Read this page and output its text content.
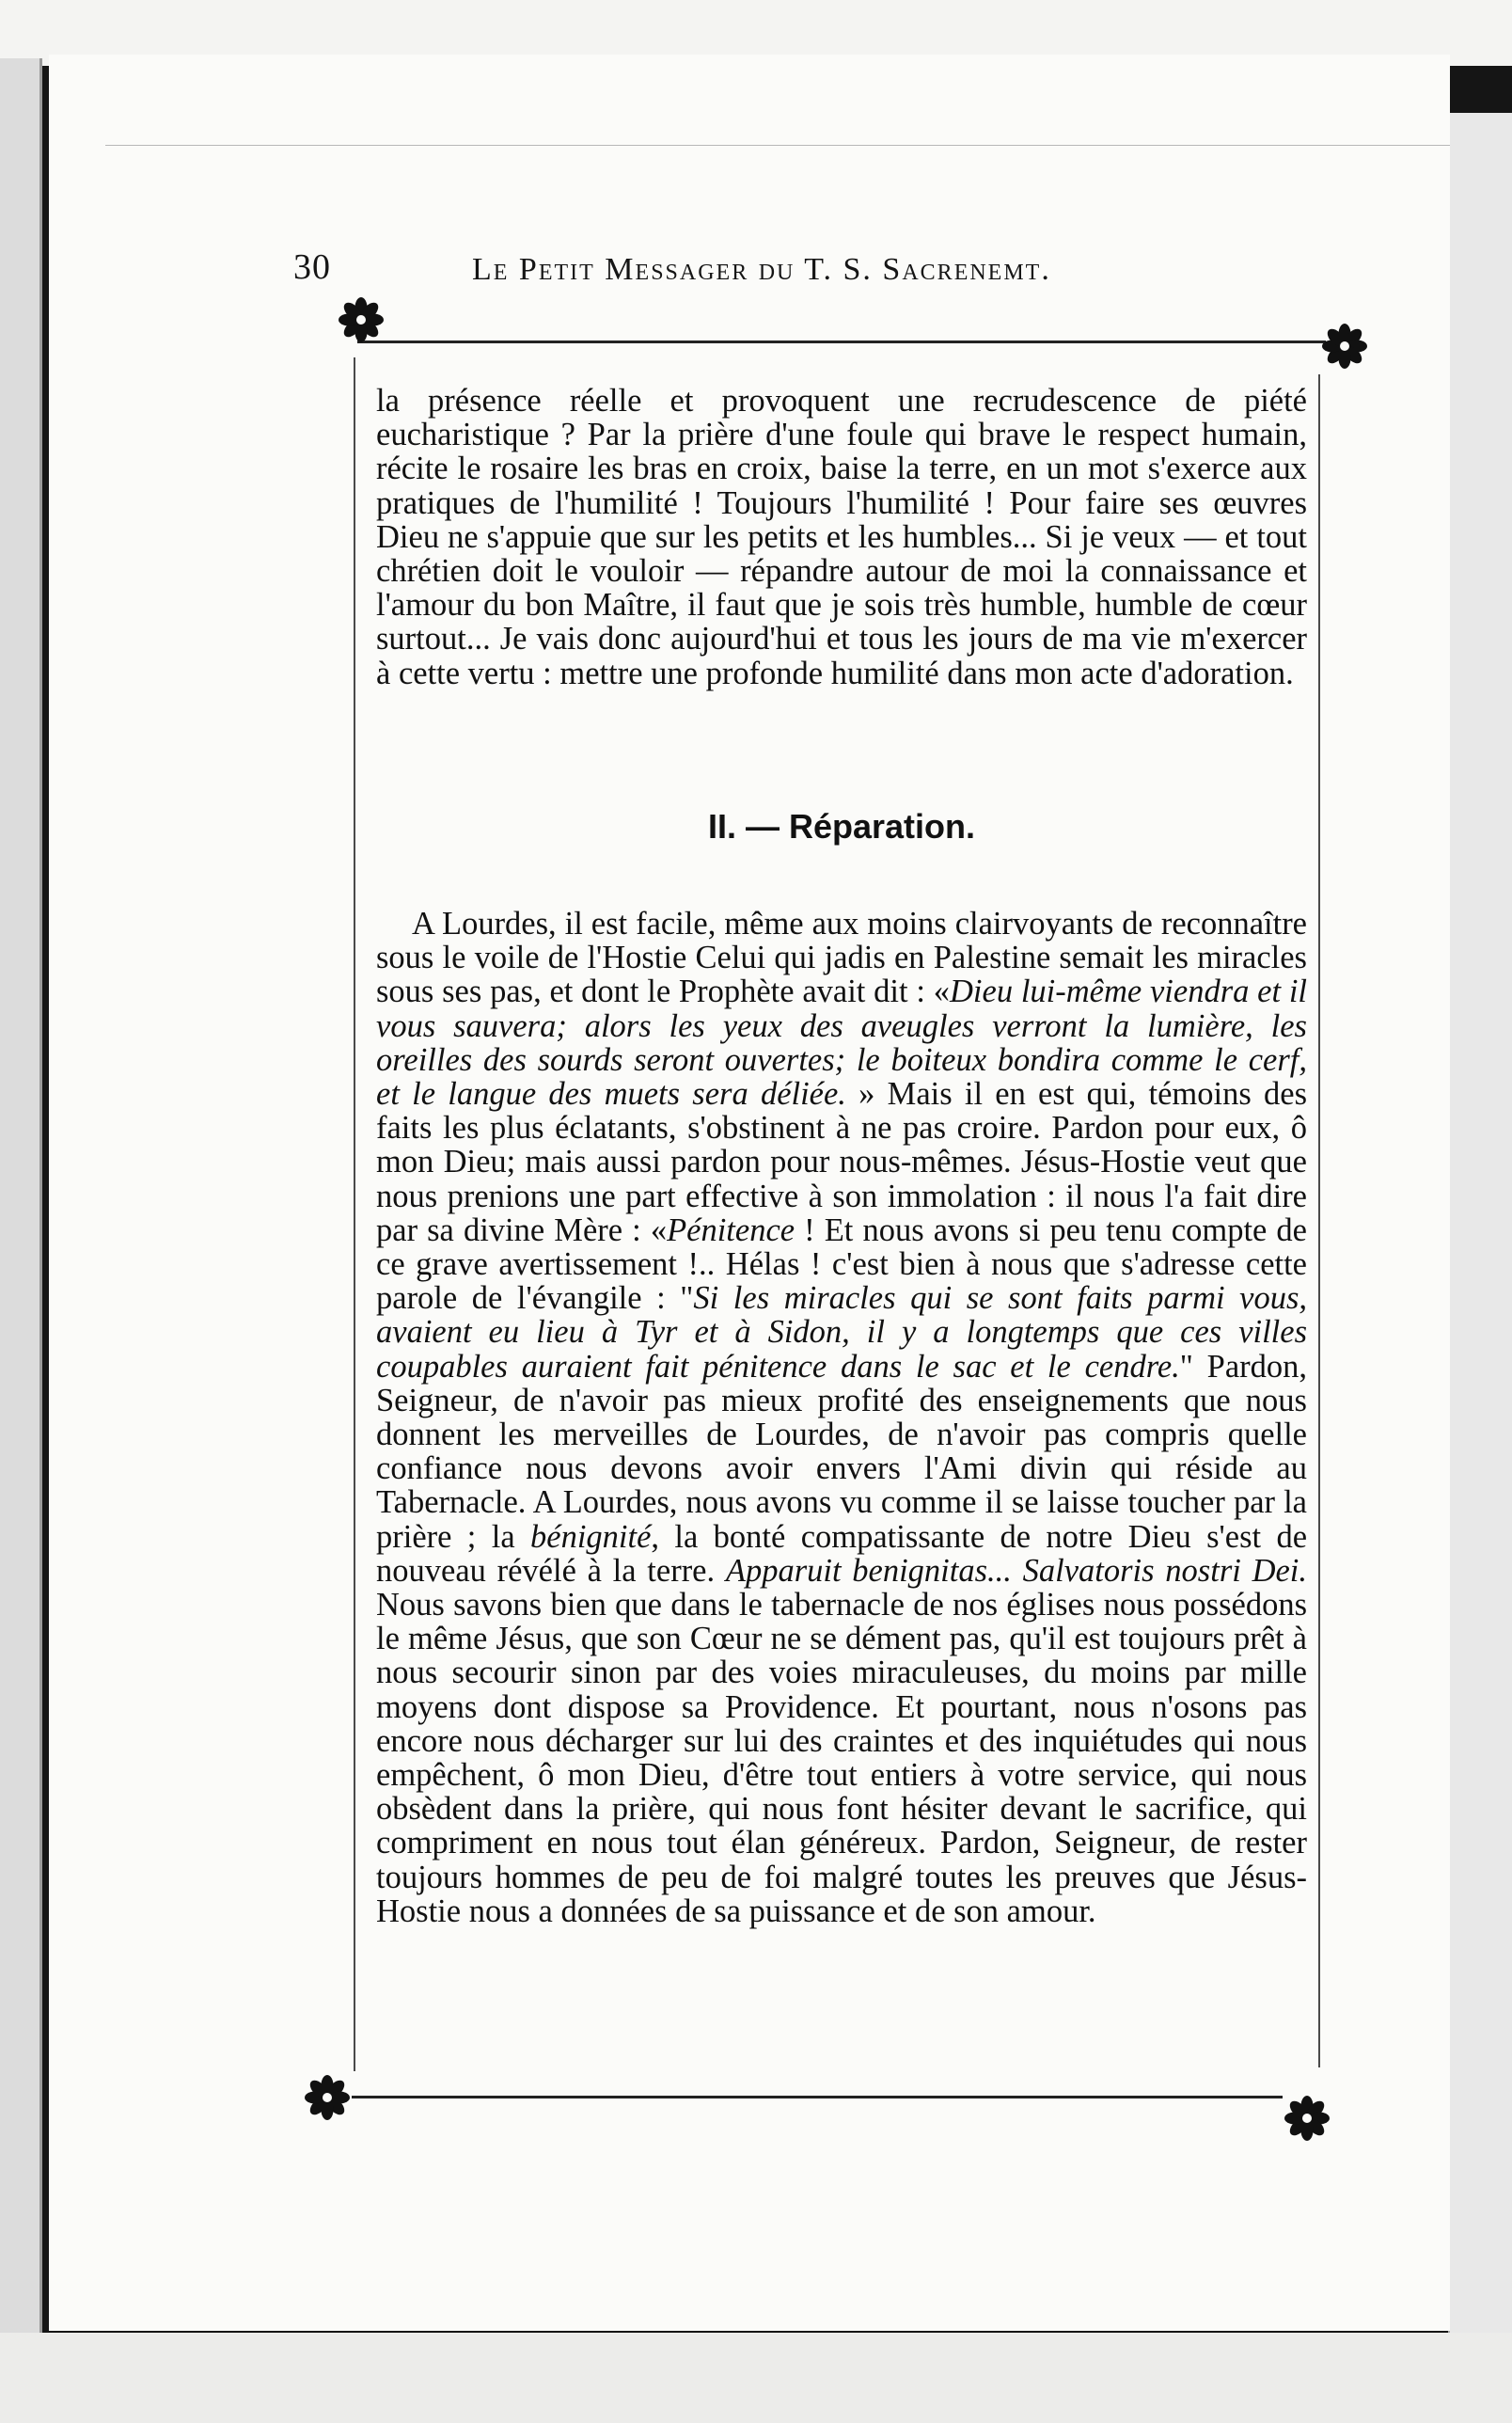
30	Le Petit Messager du T. S. Sacrenemt.

la présence réelle et provoquent une recrudescence de piété eucharistique ? Par la prière d'une foule qui brave le respect humain, récite le rosaire les bras en croix, baise la terre, en un mot s'exerce aux pratiques de l'humilité ! Toujours l'humilité ! Pour faire ses œuvres Dieu ne s'appuie que sur les petits et les humbles... Si je veux — et tout chrétien doit le vouloir — répandre autour de moi la connaissance et l'amour du bon Maître, il faut que je sois très humble, humble de cœur surtout... Je vais donc aujourd'hui et tous les jours de ma vie m'exercer à cette vertu : mettre une profonde humilité dans mon acte d'adoration.

II. — Réparation.

A Lourdes, il est facile, même aux moins clairvoyants de reconnaître sous le voile de l'Hostie Celui qui jadis en Palestine semait les miracles sous ses pas, et dont le Prophète avait dit : «Dieu lui-même viendra et il vous sauvera; alors les yeux des aveugles verront la lumière, les oreilles des sourds seront ouvertes; le boiteux bondira comme le cerf, et le langue des muets sera déliée. » Mais il en est qui, témoins des faits les plus éclatants, s'obstinent à ne pas croire. Pardon pour eux, ô mon Dieu; mais aussi pardon pour nous-mêmes. Jésus-Hostie veut que nous prenions une part effective à son immolation : il nous l'a fait dire par sa divine Mère : «Pénitence ! Et nous avons si peu tenu compte de ce grave avertissement !.. Hélas ! c'est bien à nous que s'adresse cette parole de l'évangile : "Si les miracles qui se sont faits parmi vous, avaient eu lieu à Tyr et à Sidon, il y a longtemps que ces villes coupables auraient fait pénitence dans le sac et le cendre." Pardon, Seigneur, de n'avoir pas mieux profité des enseignements que nous donnent les merveilles de Lourdes, de n'avoir pas compris quelle confiance nous devons avoir envers l'Ami divin qui réside au Tabernacle. A Lourdes, nous avons vu comme il se laisse toucher par la prière ; la bénignité, la bonté compatissante de notre Dieu s'est de nouveau révélé à la terre. Apparuit benignitas... Salvatoris nostri Dei. Nous savons bien que dans le tabernacle de nos églises nous possédons le même Jésus, que son Cœur ne se dément pas, qu'il est toujours prêt à nous secourir sinon par des voies miraculeuses, du moins par mille moyens dont dispose sa Providence. Et pourtant, nous n'osons pas encore nous décharger sur lui des craintes et des inquiétudes qui nous empêchent, ô mon Dieu, d'être tout entiers à votre service, qui nous obsèdent dans la prière, qui nous font hésiter devant le sacrifice, qui compriment en nous tout élan généreux. Pardon, Seigneur, de rester toujours hommes de peu de foi malgré toutes les preuves que Jésus-Hostie nous a données de sa puissance et de son amour.
